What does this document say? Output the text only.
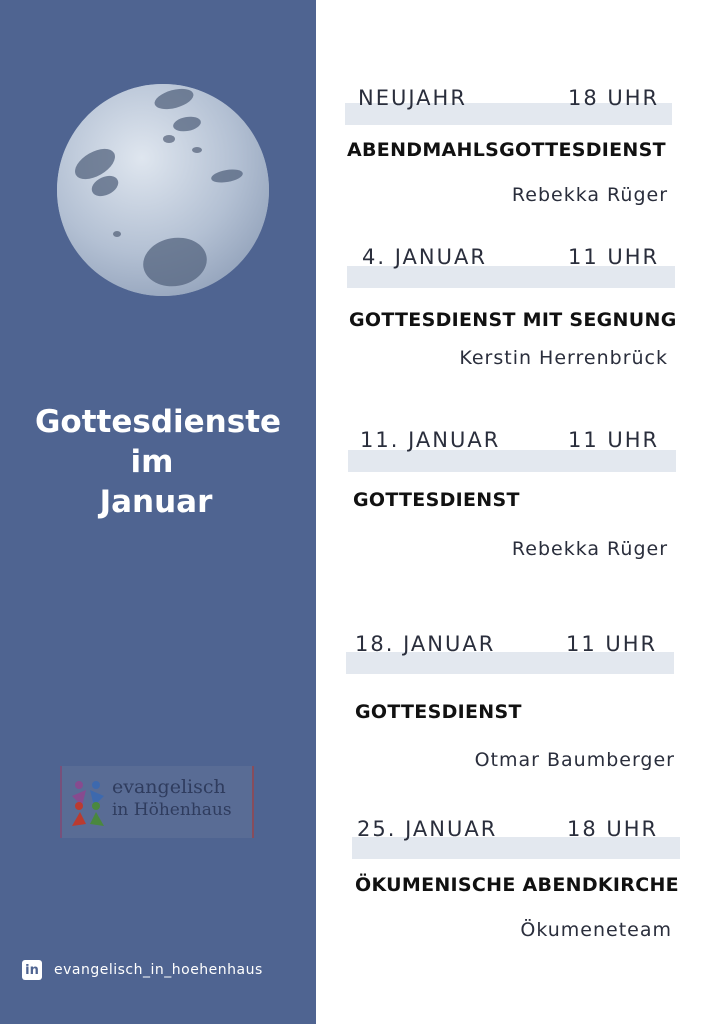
Gottesdienste
im
Januar
evangelisch
in Höhenhaus
in evangelisch_in_hoehenhaus
NEUJAHR	18 UHR
ABENDMAHLSGOTTESDIENST
Rebekka Rüger
4. JANUAR	11 UHR
GOTTESDIENST MIT SEGNUNG
Kerstin Herrenbrück
11. JANUAR	11 UHR
GOTTESDIENST
Rebekka Rüger
18. JANUAR	11 UHR
GOTTESDIENST
Otmar Baumberger
25. JANUAR	18 UHR
ÖKUMENISCHE ABENDKIRCHE
Ökumeneteam
